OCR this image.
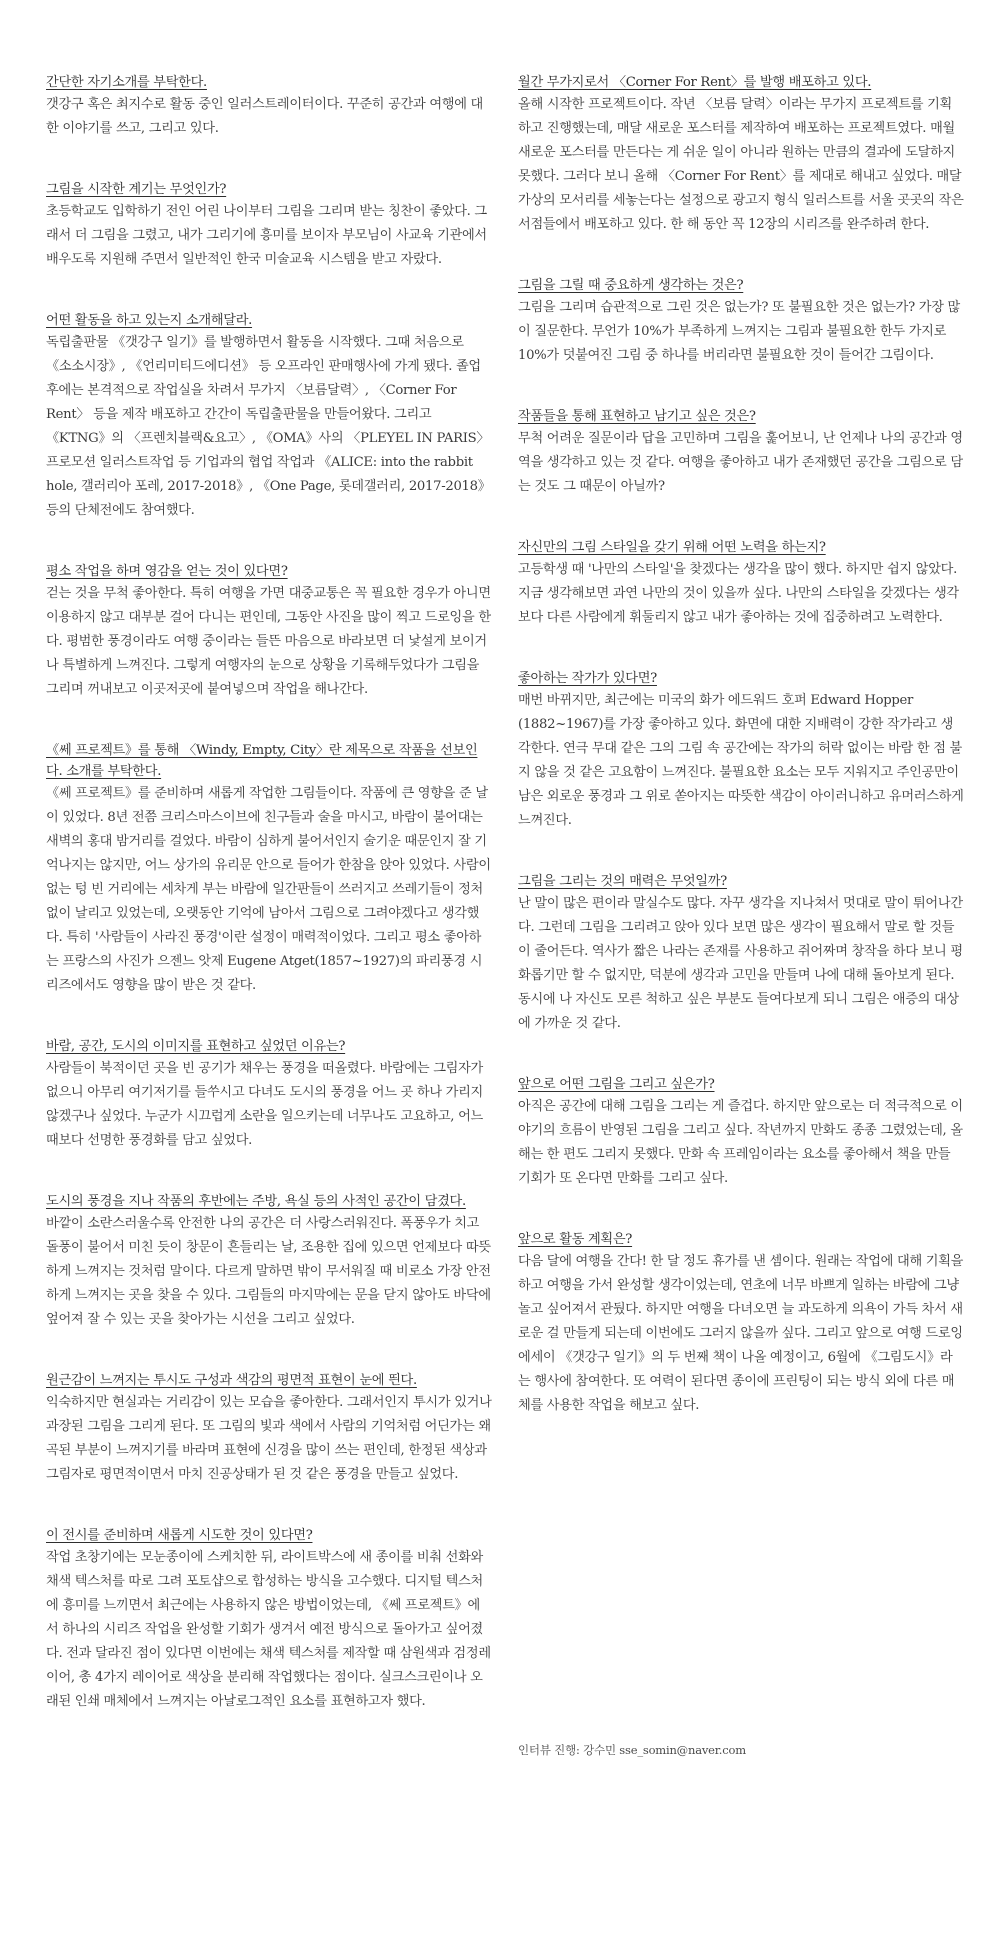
간단한 자기소개를 부탁한다.

갯강구 혹은 최지수로 활동 중인 일러스트레이터이다. 꾸준히 공간과 여행에 대한 이야기를 쓰고, 그리고 있다.

그림을 시작한 계기는 무엇인가?

초등학교도 입학하기 전인 어린 나이부터 그림을 그리며 받는 칭찬이 좋았다. 그래서 더 그림을 그렸고, 내가 그리기에 흥미를 보이자 부모님이 사교육 기관에서 배우도록 지원해 주면서 일반적인 한국 미술교육 시스템을 받고 자랐다.

어떤 활동을 하고 있는지 소개해달라.

독립출판물 《갯강구 일기》를 발행하면서 활동을 시작했다. 그때 처음으로 《소소시장》, 《언리미티드에디션》 등 오프라인 판매행사에 가게 됐다. 졸업 후에는 본격적으로 작업실을 차려서 무가지 〈보름달력〉, 〈Corner For Rent〉 등을 제작 배포하고 간간이 독립출판물을 만들어왔다. 그리고 《KTNG》의 〈프렌치블랙&요고〉, 《OMA》사의 〈PLEYEL IN PARIS〉 프로모션 일러스트작업 등 기업과의 협업 작업과 《ALICE: into the rabbit hole, 갤러리아 포레, 2017-2018》, 《One Page, 롯데갤러리, 2017-2018》 등의 단체전에도 참여했다.

평소 작업을 하며 영감을 얻는 것이 있다면?

걷는 것을 무척 좋아한다. 특히 여행을 가면 대중교통은 꼭 필요한 경우가 아니면 이용하지 않고 대부분 걸어 다니는 편인데, 그동안 사진을 많이 찍고 드로잉을 한다. 평범한 풍경이라도 여행 중이라는 들뜬 마음으로 바라보면 더 낯설게 보이거나 특별하게 느껴진다. 그렇게 여행자의 눈으로 상황을 기록해두었다가 그림을 그리며 꺼내보고 이곳저곳에 붙여넣으며 작업을 해나간다.

《쎄 프로젝트》를 통해 〈Windy, Empty, City〉란 제목으로 작품을 선보인다. 소개를 부탁한다.

《쎄 프로젝트》를 준비하며 새롭게 작업한 그림들이다. 작품에 큰 영향을 준 날이 있었다. 8년 전쯤 크리스마스이브에 친구들과 술을 마시고, 바람이 불어대는 새벽의 홍대 밤거리를 걸었다. 바람이 심하게 불어서인지 술기운 때문인지 잘 기억나지는 않지만, 어느 상가의 유리문 안으로 들어가 한참을 앉아 있었다. 사람이 없는 텅 빈 거리에는 세차게 부는 바람에 일간판들이 쓰러지고 쓰레기들이 정처 없이 날리고 있었는데, 오랫동안 기억에 남아서 그림으로 그려야겠다고 생각했다. 특히 '사람들이 사라진 풍경'이란 설정이 매력적이었다. 그리고 평소 좋아하는 프랑스의 사진가 으젠느 앗제 Eugene Atget(1857~1927)의 파리풍경 시리즈에서도 영향을 많이 받은 것 같다.

바람, 공간, 도시의 이미지를 표현하고 싶었던 이유는?

사람들이 북적이던 곳을 빈 공기가 채우는 풍경을 떠올렸다. 바람에는 그림자가 없으니 아무리 여기저기를 들쑤시고 다녀도 도시의 풍경을 어느 곳 하나 가리지 않겠구나 싶었다. 누군가 시끄럽게 소란을 일으키는데 너무나도 고요하고, 어느 때보다 선명한 풍경화를 담고 싶었다.

도시의 풍경을 지나 작품의 후반에는 주방, 욕실 등의 사적인 공간이 담겼다.

바깥이 소란스러울수록 안전한 나의 공간은 더 사랑스러워진다. 폭풍우가 치고 돌풍이 불어서 미친 듯이 창문이 흔들리는 날, 조용한 집에 있으면 언제보다 따뜻하게 느껴지는 것처럼 말이다. 다르게 말하면 밖이 무서워질 때 비로소 가장 안전하게 느껴지는 곳을 찾을 수 있다. 그림들의 마지막에는 문을 닫지 않아도 바닥에 엎어져 잘 수 있는 곳을 찾아가는 시선을 그리고 싶었다.

원근감이 느껴지는 투시도 구성과 색감의 평면적 표현이 눈에 띈다.

익숙하지만 현실과는 거리감이 있는 모습을 좋아한다. 그래서인지 투시가 있거나 과장된 그림을 그리게 된다. 또 그림의 빛과 색에서 사람의 기억처럼 어딘가는 왜곡된 부분이 느껴지기를 바라며 표현에 신경을 많이 쓰는 편인데, 한정된 색상과 그림자로 평면적이면서 마치 진공상태가 된 것 같은 풍경을 만들고 싶었다.

이 전시를 준비하며 새롭게 시도한 것이 있다면?

작업 초창기에는 모눈종이에 스케치한 뒤, 라이트박스에 새 종이를 비춰 선화와 채색 텍스처를 따로 그려 포토샵으로 합성하는 방식을 고수했다. 디지털 텍스처에 흥미를 느끼면서 최근에는 사용하지 않은 방법이었는데, 《쎄 프로젝트》에서 하나의 시리즈 작업을 완성할 기회가 생겨서 예전 방식으로 돌아가고 싶어졌다. 전과 달라진 점이 있다면 이번에는 채색 텍스처를 제작할 때 삼원색과 검정레이어, 총 4가지 레이어로 색상을 분리해 작업했다는 점이다. 실크스크린이나 오래된 인쇄 매체에서 느껴지는 아날로그적인 요소를 표현하고자 했다.

월간 무가지로서 〈Corner For Rent〉를 발행 배포하고 있다.

올해 시작한 프로젝트이다. 작년 〈보름 달력〉이라는 무가지 프로젝트를 기획하고 진행했는데, 매달 새로운 포스터를 제작하여 배포하는 프로젝트였다. 매월 새로운 포스터를 만든다는 게 쉬운 일이 아니라 원하는 만큼의 결과에 도달하지 못했다. 그러다 보니 올해 〈Corner For Rent〉를 제대로 해내고 싶었다. 매달 가상의 모서리를 세놓는다는 설정으로 광고지 형식 일러스트를 서울 곳곳의 작은 서점들에서 배포하고 있다. 한 해 동안 꼭 12장의 시리즈를 완주하려 한다.

그림을 그릴 때 중요하게 생각하는 것은?

그림을 그리며 습관적으로 그린 것은 없는가? 또 불필요한 것은 없는가? 가장 많이 질문한다. 무언가 10%가 부족하게 느껴지는 그림과 불필요한 한두 가지로 10%가 덧붙여진 그림 중 하나를 버리라면 불필요한 것이 들어간 그림이다.

작품들을 통해 표현하고 남기고 싶은 것은?

무척 어려운 질문이라 답을 고민하며 그림을 훑어보니, 난 언제나 나의 공간과 영역을 생각하고 있는 것 같다. 여행을 좋아하고 내가 존재했던 공간을 그림으로 담는 것도 그 때문이 아닐까?

자신만의 그림 스타일을 갖기 위해 어떤 노력을 하는지?

고등학생 때 '나만의 스타일'을 찾겠다는 생각을 많이 했다. 하지만 쉽지 않았다. 지금 생각해보면 과연 나만의 것이 있을까 싶다. 나만의 스타일을 갖겠다는 생각보다 다른 사람에게 휘둘리지 않고 내가 좋아하는 것에 집중하려고 노력한다.

좋아하는 작가가 있다면?

매번 바뀌지만, 최근에는 미국의 화가 에드워드 호퍼 Edward Hopper (1882~1967)를 가장 좋아하고 있다. 화면에 대한 지배력이 강한 작가라고 생각한다. 연극 무대 같은 그의 그림 속 공간에는 작가의 허락 없이는 바람 한 점 불지 않을 것 같은 고요함이 느껴진다. 불필요한 요소는 모두 지워지고 주인공만이 남은 외로운 풍경과 그 위로 쏟아지는 따뜻한 색감이 아이러니하고 유머러스하게 느껴진다.

그림을 그리는 것의 매력은 무엇일까?

난 말이 많은 편이라 말실수도 많다. 자꾸 생각을 지나쳐서 멋대로 말이 튀어나간다. 그런데 그림을 그리려고 앉아 있다 보면 많은 생각이 필요해서 말로 할 것들이 줄어든다. 역사가 짧은 나라는 존재를 사용하고 쥐어짜며 창작을 하다 보니 평화롭기만 할 수 없지만, 덕분에 생각과 고민을 만들며 나에 대해 돌아보게 된다. 동시에 나 자신도 모른 척하고 싶은 부분도 들여다보게 되니 그림은 애증의 대상에 가까운 것 같다.

앞으로 어떤 그림을 그리고 싶은가?

아직은 공간에 대해 그림을 그리는 게 즐겁다. 하지만 앞으로는 더 적극적으로 이야기의 흐름이 반영된 그림을 그리고 싶다. 작년까지 만화도 종종 그렸었는데, 올해는 한 편도 그리지 못했다. 만화 속 프레임이라는 요소를 좋아해서 책을 만들 기회가 또 온다면 만화를 그리고 싶다.

앞으로 활동 계획은?

다음 달에 여행을 간다! 한 달 정도 휴가를 낸 셈이다. 원래는 작업에 대해 기획을 하고 여행을 가서 완성할 생각이었는데, 연초에 너무 바쁘게 일하는 바람에 그냥 놀고 싶어져서 관뒀다. 하지만 여행을 다녀오면 늘 과도하게 의욕이 가득 차서 새로운 걸 만들게 되는데 이번에도 그러지 않을까 싶다. 그리고 앞으로 여행 드로잉 에세이 《갯강구 일기》의 두 번째 책이 나올 예정이고, 6월에 《그림도시》라는 행사에 참여한다. 또 여력이 된다면 종이에 프린팅이 되는 방식 외에 다른 매체를 사용한 작업을 해보고 싶다.

인터뷰 진행: 강수민 sse_somin@naver.com
